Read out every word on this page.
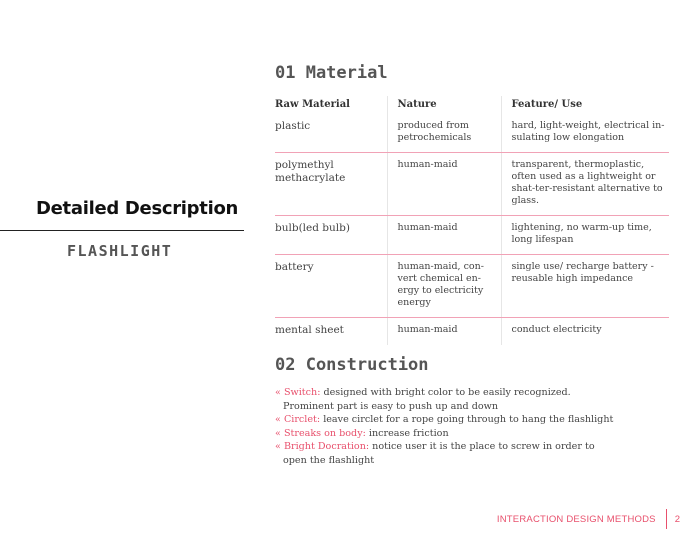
Detailed Description
FLASHLIGHT
01 Material
Raw Material	Nature	Feature/ Use
plastic	produced from petrochemicals	hard, light-weight, electrical in-sulating low elongation
polymethyl methacrylate	human-maid	transparent, thermoplastic, often used as a lightweight or shat-ter-resistant alternative to glass.
bulb(led bulb)	human-maid	lightening, no warm-up time, long lifespan
battery	human-maid, con-vert chemical en-ergy to electricity energy	single use/ recharge battery - reusable high impedance
mental sheet	human-maid	conduct electricity
02 Construction
« Switch: designed with bright color to be easily recognized.
Prominent part is easy to push up and down
« Circlet: leave circlet for a rope going through to hang the flashlight
« Streaks on body: increase friction
« Bright Docration: notice user it is the place to screw in order to
open the flashlight
INTERACTION DESIGN METHODS 2
